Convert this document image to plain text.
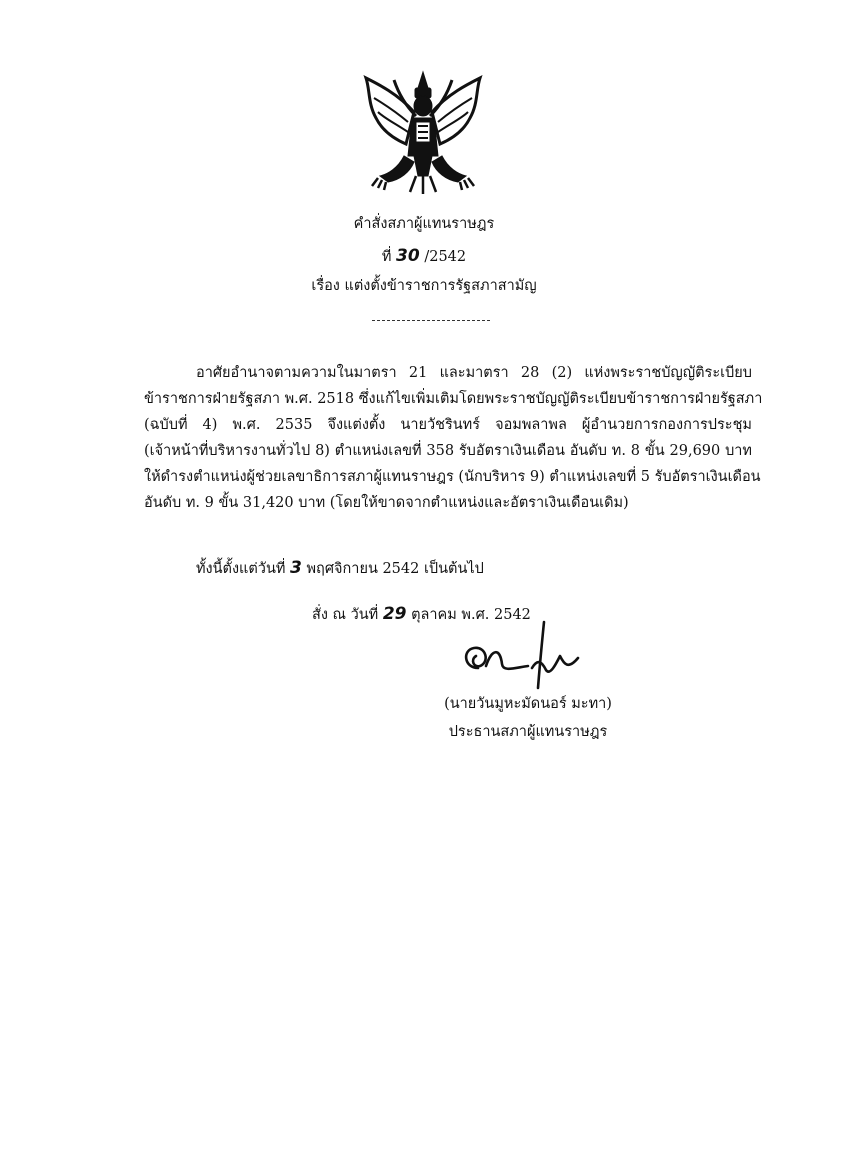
คำสั่งสภาผู้แทนราษฎร
ที่ 30 /2542
เรื่อง แต่งตั้งข้าราชการรัฐสภาสามัญ

อาศัยอำนาจตามความในมาตรา 21 และมาตรา 28 (2) แห่งพระราชบัญญัติระเบียบ

ข้าราชการฝ่ายรัฐสภา พ.ศ. 2518 ซึ่งแก้ไขเพิ่มเติมโดยพระราชบัญญัติระเบียบข้าราชการฝ่ายรัฐสภา

(ฉบับที่ 4) พ.ศ. 2535 จึงแต่งตั้ง นายวัชรินทร์ จอมพลาพล ผู้อำนวยการกองการประชุม

(เจ้าหน้าที่บริหารงานทั่วไป 8) ตำแหน่งเลขที่ 358 รับอัตราเงินเดือน อันดับ ท. 8 ขั้น 29,690 บาท

ให้ดำรงตำแหน่งผู้ช่วยเลขาธิการสภาผู้แทนราษฎร (นักบริหาร 9) ตำแหน่งเลขที่ 5 รับอัตราเงินเดือน

อันดับ ท. 9 ขั้น 31,420 บาท (โดยให้ขาดจากตำแหน่งและอัตราเงินเดือนเดิม)

ทั้งนี้ตั้งแต่วันที่ 3 พฤศจิกายน 2542 เป็นต้นไป
สั่ง ณ วันที่ 29 ตุลาคม พ.ศ. 2542
(นายวันมูหะมัดนอร์ มะทา)
ประธานสภาผู้แทนราษฎร
